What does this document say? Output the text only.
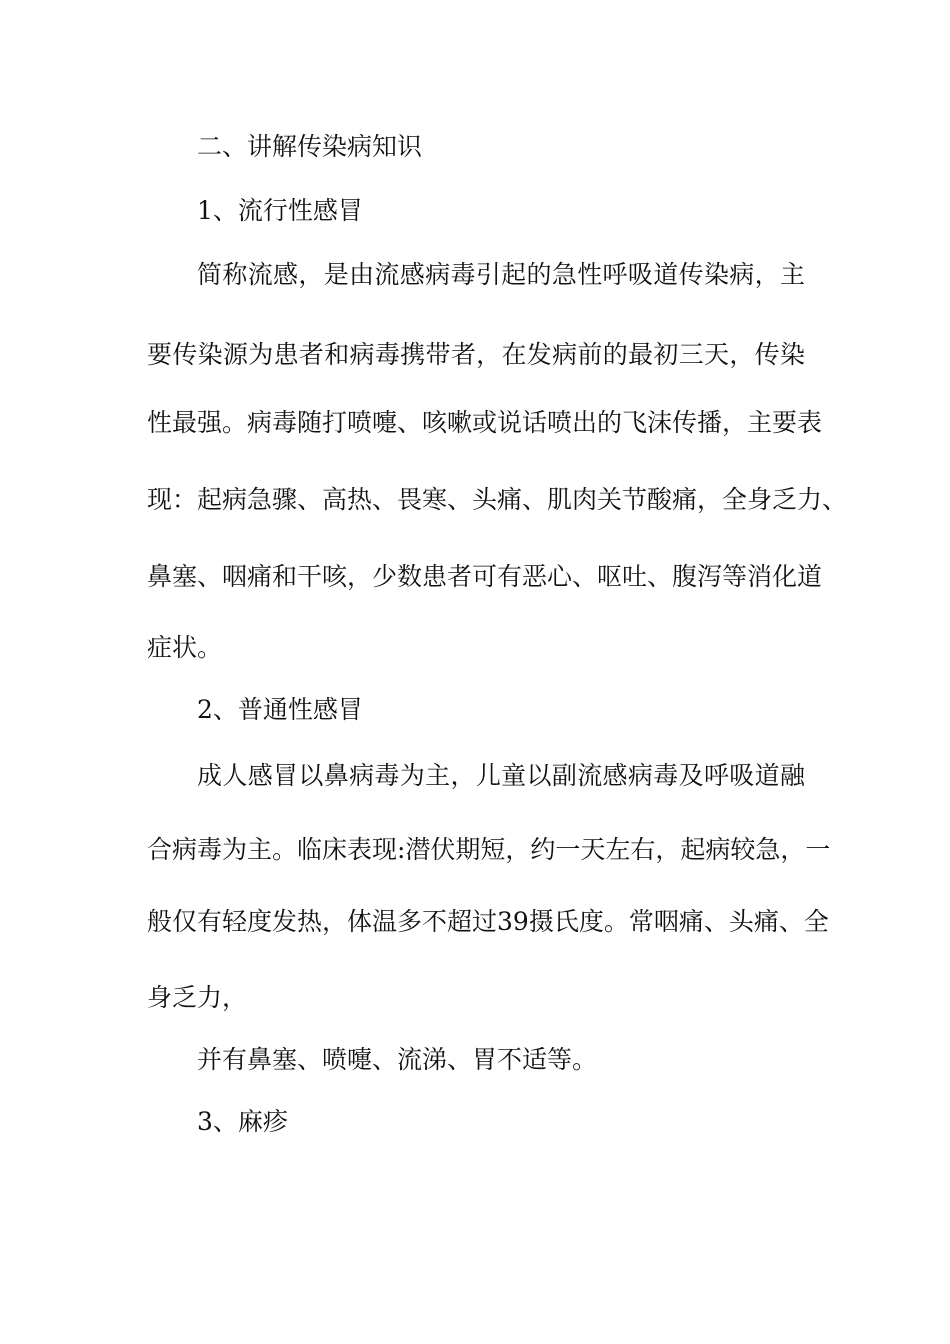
二、讲解传染病知识
1、流行性感冒
简称流感，是由流感病毒引起的急性呼吸道传染病，主
要传染源为患者和病毒携带者，在发病前的最初三天，传染
性最强。病毒随打喷嚏、咳嗽或说话喷出的飞沫传播，主要表
现：起病急骤、高热、畏寒、头痛、肌肉关节酸痛，全身乏力、
鼻塞、咽痛和干咳，少数患者可有恶心、呕吐、腹泻等消化道
症状。
2、普通性感冒
成人感冒以鼻病毒为主，儿童以副流感病毒及呼吸道融
合病毒为主。临床表现:潜伏期短，约一天左右，起病较急，一
般仅有轻度发热，体温多不超过39摄氏度。常咽痛、头痛、全
身乏力，
并有鼻塞、喷嚏、流涕、胃不适等。
3、麻疹
